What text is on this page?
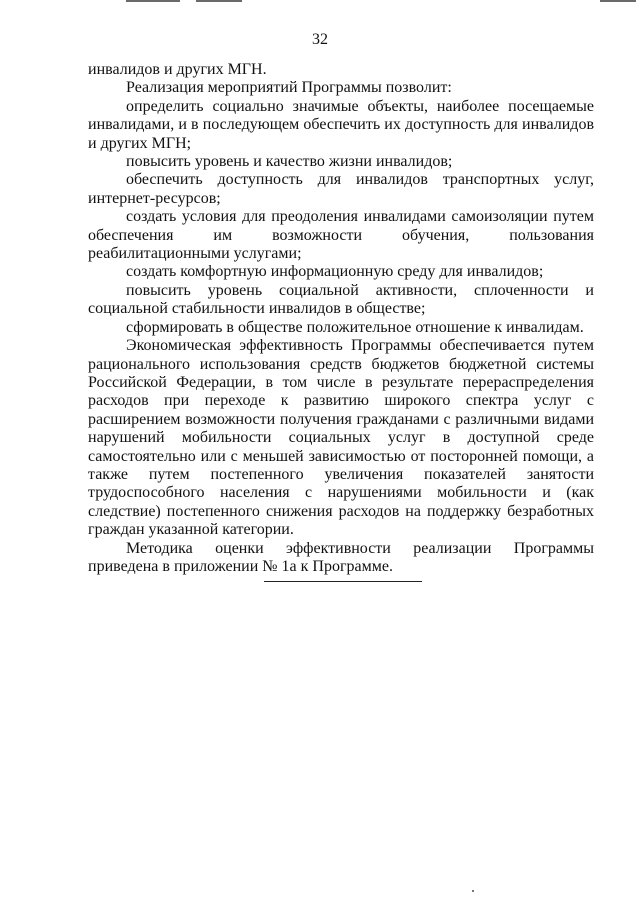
32

инвалидов и других МГН.

Реализация мероприятий Программы позволит:

определить социально значимые объекты, наиболее посещаемые инвалидами, и в последующем обеспечить их доступность для инвалидов и других МГН;

повысить уровень и качество жизни инвалидов;

обеспечить доступность для инвалидов транспортных услуг, интернет-ресурсов;

создать условия для преодоления инвалидами самоизоляции путем обеспечения им возможности обучения, пользования реабилитационными услугами;

создать комфортную информационную среду для инвалидов;

повысить уровень социальной активности, сплоченности и социальной стабильности инвалидов в обществе;

сформировать в обществе положительное отношение к инвалидам.

Экономическая эффективность Программы обеспечивается путем рационального использования средств бюджетов бюджетной системы Российской Федерации, в том числе в результате перераспределения расходов при переходе к развитию широкого спектра услуг с расширением возможности получения гражданами с различными видами нарушений мобильности социальных услуг в доступной среде самостоятельно или с меньшей зависимостью от посторонней помощи, а также путем постепенного увеличения показателей занятости трудоспособного населения с нарушениями мобильности и (как следствие) постепенного снижения расходов на поддержку безработных граждан указанной категории.

Методика оценки эффективности реализации Программы приведена в приложении № 1а к Программе.
